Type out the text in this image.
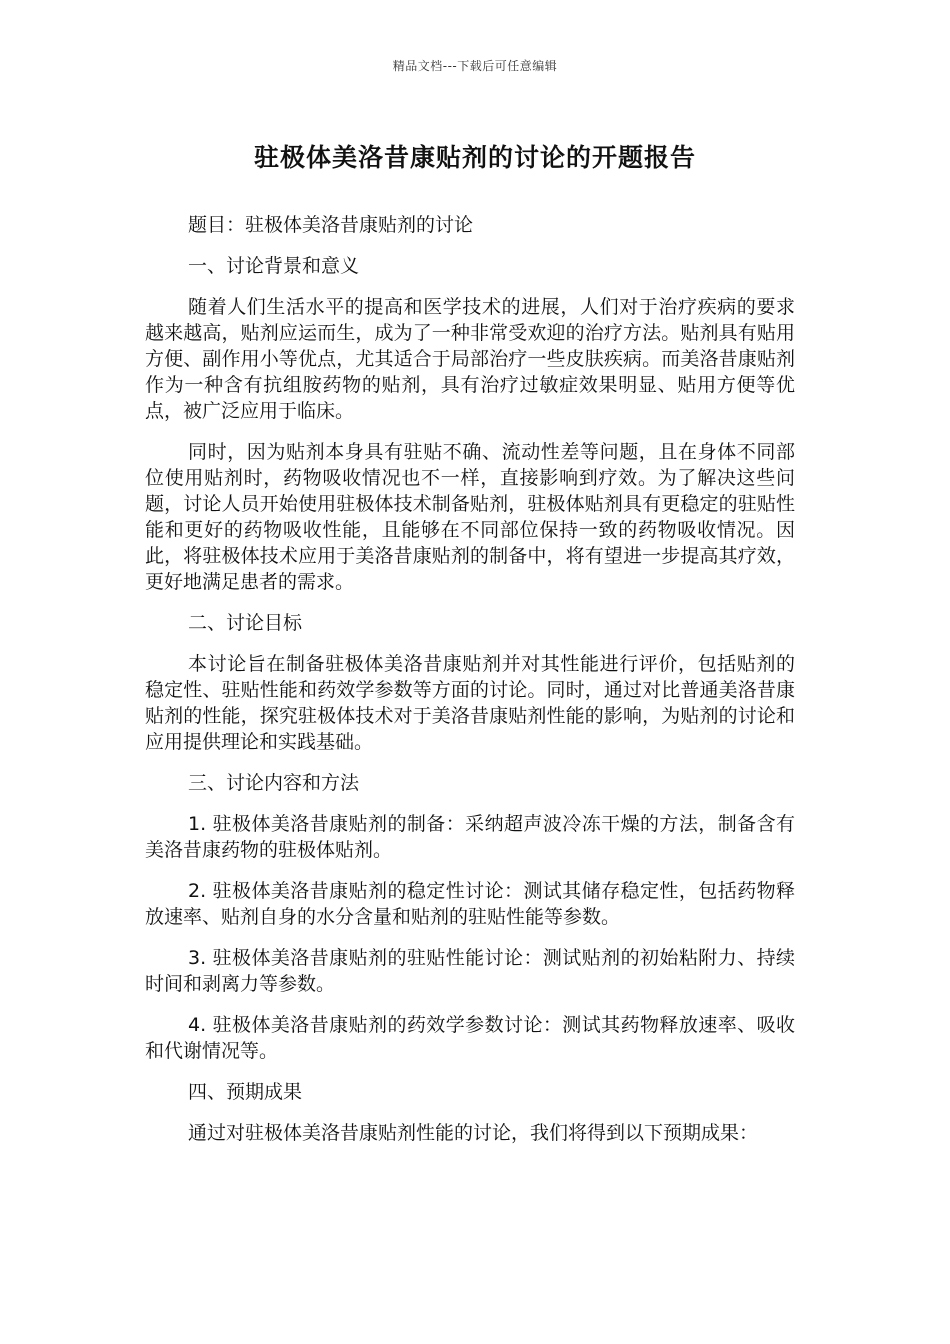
精品文档---下载后可任意编辑
驻极体美洛昔康贴剂的讨论的开题报告

题目：驻极体美洛昔康贴剂的讨论

一、讨论背景和意义

随着人们生活水平的提高和医学技术的进展，人们对于治疗疾病的要求越来越高，贴剂应运而生，成为了一种非常受欢迎的治疗方法。贴剂具有贴用方便、副作用小等优点，尤其适合于局部治疗一些皮肤疾病。而美洛昔康贴剂作为一种含有抗组胺药物的贴剂，具有治疗过敏症效果明显、贴用方便等优点，被广泛应用于临床。

同时，因为贴剂本身具有驻贴不确、流动性差等问题，且在身体不同部位使用贴剂时，药物吸收情况也不一样，直接影响到疗效。为了解决这些问题，讨论人员开始使用驻极体技术制备贴剂，驻极体贴剂具有更稳定的驻贴性能和更好的药物吸收性能，且能够在不同部位保持一致的药物吸收情况。因此，将驻极体技术应用于美洛昔康贴剂的制备中，将有望进一步提高其疗效，更好地满足患者的需求。

二、讨论目标

本讨论旨在制备驻极体美洛昔康贴剂并对其性能进行评价，包括贴剂的稳定性、驻贴性能和药效学参数等方面的讨论。同时，通过对比普通美洛昔康贴剂的性能，探究驻极体技术对于美洛昔康贴剂性能的影响，为贴剂的讨论和应用提供理论和实践基础。

三、讨论内容和方法

1. 驻极体美洛昔康贴剂的制备：采纳超声波冷冻干燥的方法，制备含有美洛昔康药物的驻极体贴剂。

2. 驻极体美洛昔康贴剂的稳定性讨论：测试其储存稳定性，包括药物释放速率、贴剂自身的水分含量和贴剂的驻贴性能等参数。

3. 驻极体美洛昔康贴剂的驻贴性能讨论：测试贴剂的初始粘附力、持续时间和剥离力等参数。

4. 驻极体美洛昔康贴剂的药效学参数讨论：测试其药物释放速率、吸收和代谢情况等。

四、预期成果

通过对驻极体美洛昔康贴剂性能的讨论，我们将得到以下预期成果：
